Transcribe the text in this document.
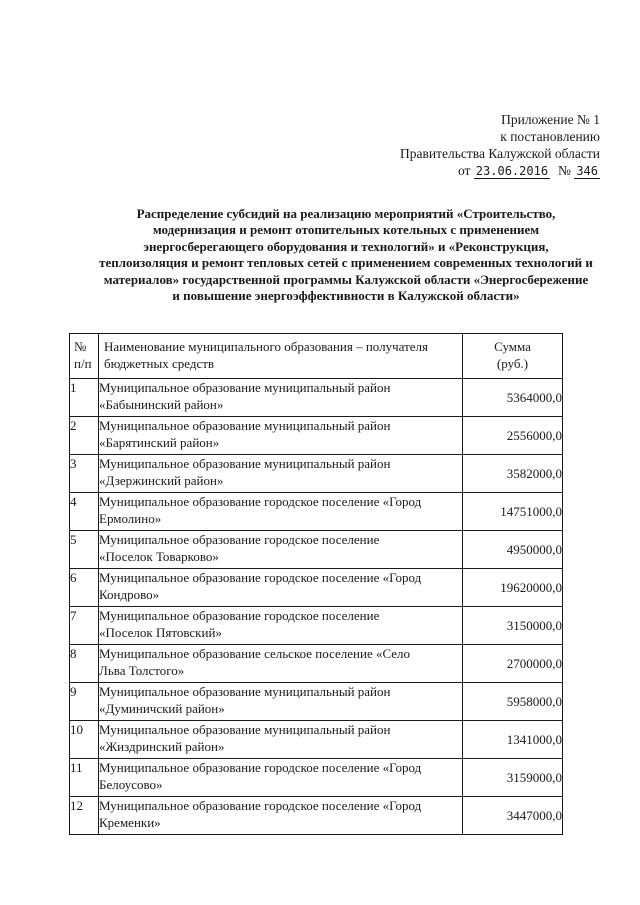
Приложение № 1
к постановлению
Правительства Калужской области
от 23.06.2016 № 346
Распределение субсидий на реализацию мероприятий «Строительство,
модернизация и ремонт отопительных котельных с применением
энергосберегающего оборудования и технологий» и «Реконструкция,
теплоизоляция и ремонт тепловых сетей с применением современных технологий и
материалов» государственной программы Калужской области «Энергосбережение
и повышение энергоэффективности в Калужской области»
№
п/п	Наименование муниципального образования – получателя
бюджетных средств	Сумма
(руб.)

1	Муниципальное образование муниципальный район
«Бабынинский район»	5364000,0
2	Муниципальное образование муниципальный район
«Барятинский район»	2556000,0
3	Муниципальное образование муниципальный район
«Дзержинский район»	3582000,0
4	Муниципальное образование городское поселение «Город
Ермолино»	14751000,0
5	Муниципальное образование городское поселение
«Поселок Товарково»	4950000,0
6	Муниципальное образование городское поселение «Город
Кондрово»	19620000,0
7	Муниципальное образование городское поселение
«Поселок Пятовский»	3150000,0
8	Муниципальное образование сельское поселение «Село
Льва Толстого»	2700000,0
9	Муниципальное образование муниципальный район
«Думиничский район»	5958000,0
10	Муниципальное образование муниципальный район
«Жиздринский район»	1341000,0
11	Муниципальное образование городское поселение «Город
Белоусово»	3159000,0
12	Муниципальное образование городское поселение «Город
Кременки»	3447000,0
